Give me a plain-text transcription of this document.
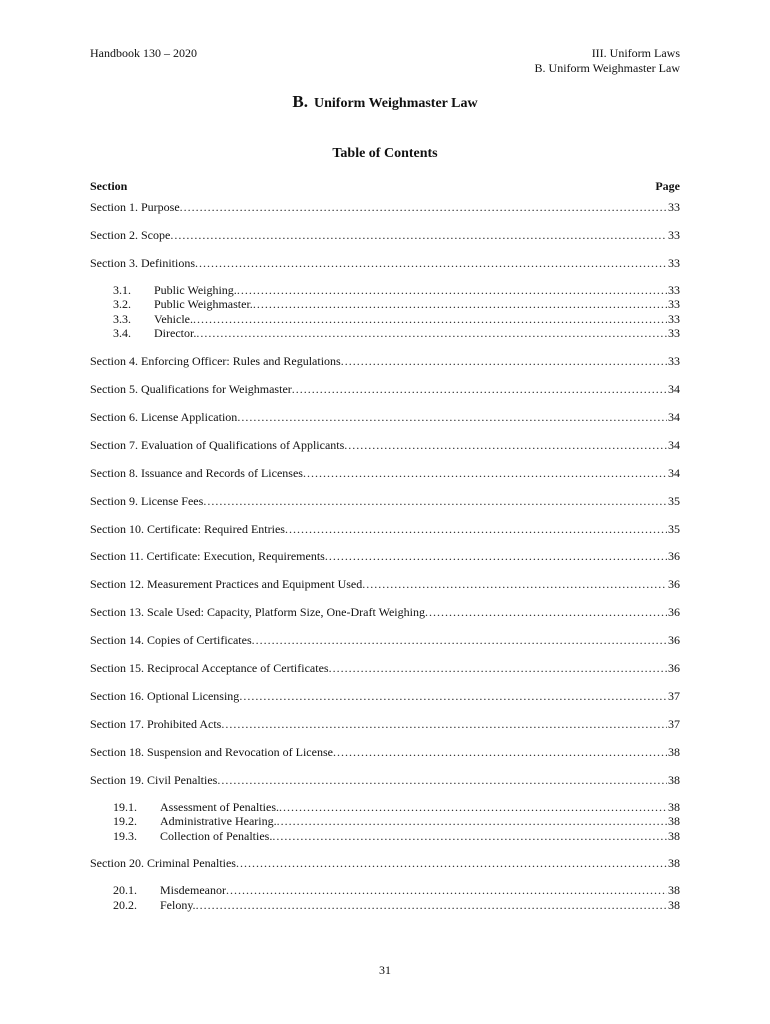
Handbook 130 – 2020	III. Uniform Laws
B. Uniform Weighmaster Law
B. Uniform Weighmaster Law
Table of Contents
Section	Page
Section 1. Purpose .....	33
Section 2. Scope .....	33
Section 3. Definitions .....	33
3.1.	Public Weighing. .....	33
3.2.	Public Weighmaster. .....	33
3.3.	Vehicle. .....	33
3.4.	Director. .....	33
Section 4. Enforcing Officer: Rules and Regulations .....	33
Section 5. Qualifications for Weighmaster .....	34
Section 6. License Application .....	34
Section 7. Evaluation of Qualifications of Applicants .....	34
Section 8. Issuance and Records of Licenses .....	34
Section 9. License Fees .....	35
Section 10. Certificate: Required Entries .....	35
Section 11. Certificate: Execution, Requirements .....	36
Section 12. Measurement Practices and Equipment Used .....	36
Section 13. Scale Used: Capacity, Platform Size, One-Draft Weighing .....	36
Section 14. Copies of Certificates .....	36
Section 15. Reciprocal Acceptance of Certificates .....	36
Section 16. Optional Licensing .....	37
Section 17. Prohibited Acts .....	37
Section 18. Suspension and Revocation of License .....	38
Section 19. Civil Penalties .....	38
19.1.	Assessment of Penalties. .....	38
19.2.	Administrative Hearing. .....	38
19.3.	Collection of Penalties. .....	38
Section 20. Criminal Penalties .....	38
20.1.	Misdemeanor .....	38
20.2.	Felony. .....	38
31
